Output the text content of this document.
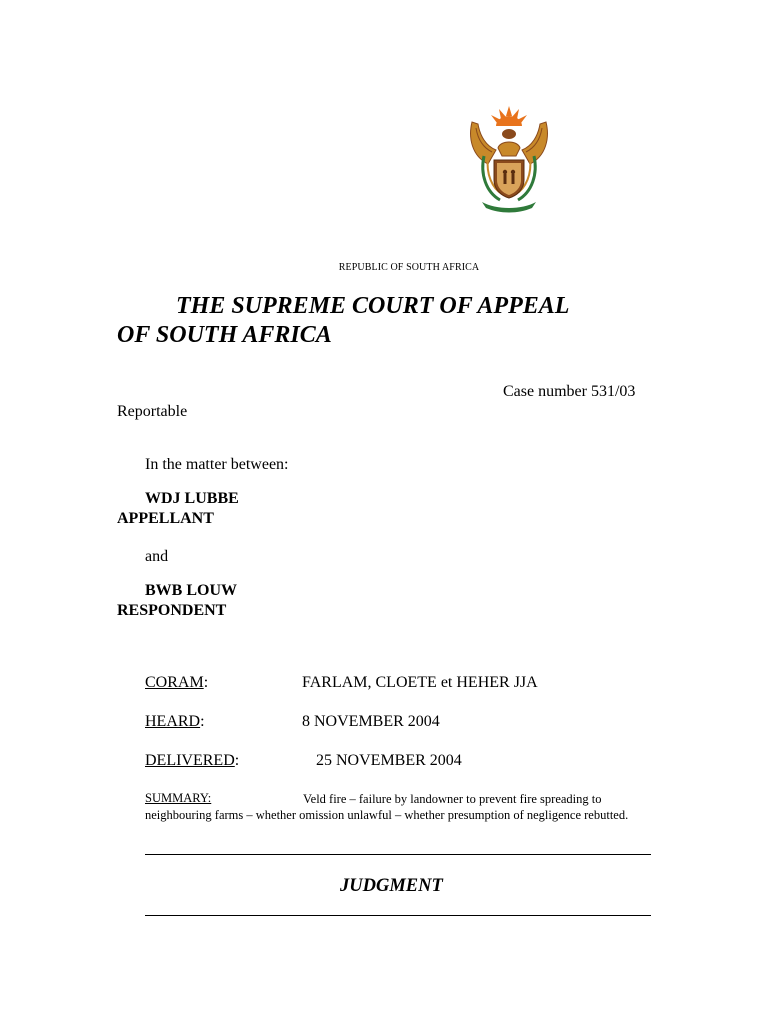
REPUBLIC OF SOUTH AFRICA
THE SUPREME COURT OF APPEAL
OF SOUTH AFRICA
Case number 531/03
Reportable
In the matter between:
WDJ LUBBE
APPELLANT
and
BWB LOUW
RESPONDENT
CORAM:	FARLAM, CLOETE et HEHER JJA
HEARD:	8 NOVEMBER 2004
DELIVERED:	25 NOVEMBER 2004
SUMMARY:	Veld fire – failure by landowner to prevent fire spreading to neighbouring farms – whether omission unlawful – whether presumption of negligence rebutted.
JUDGMENT
